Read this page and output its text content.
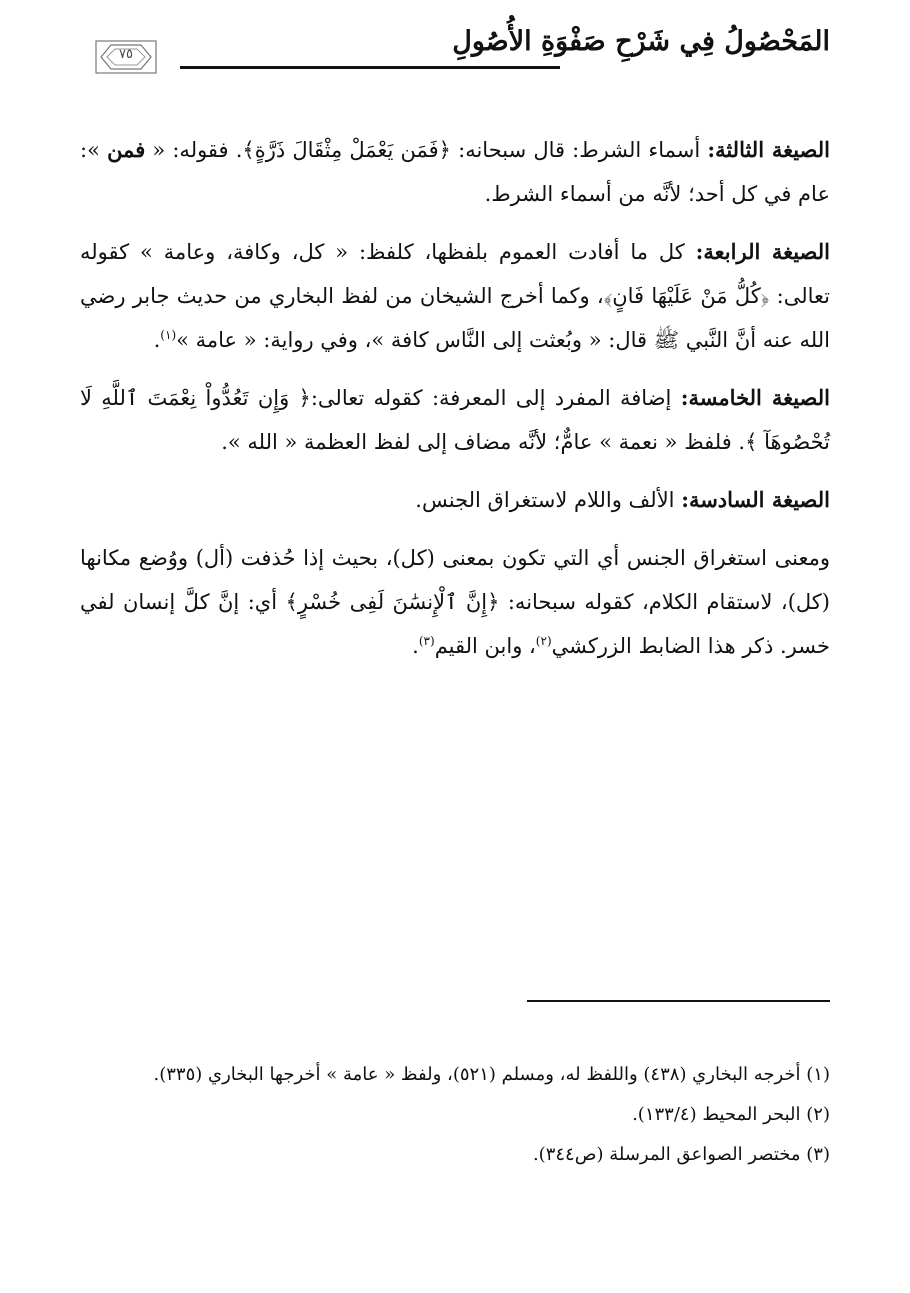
المَحْصُولُ فِي شَرْحِ صَفْوَةِ الأُصُولِ
٧٥

الصيغة الثالثة: أسماء الشرط: قال سبحانه: ﴿فَمَن يَعْمَلْ مِثْقَالَ ذَرَّةٍ﴾. فقوله: « فمن »: عام في كل أحد؛ لأنَّه من أسماء الشرط.

الصيغة الرابعة: كل ما أفادت العموم بلفظها، كلفظ: « كل، وكافة، وعامة » كقوله تعالى: ﴿كُلُّ مَنْ عَلَيْهَا فَانٍ﴾، وكما أخرج الشيخان من لفظ البخاري من حديث جابر رضي الله عنه أنَّ النَّبي ﷺ قال: « وبُعثت إلى النَّاس كافة »، وفي رواية: « عامة »$^{(١)}$.

الصيغة الخامسة: إضافة المفرد إلى المعرفة: كقوله تعالى:﴿ وَإِن تَعُدُّواْ نِعْمَتَ ٱللَّهِ لَا تُحْصُوهَآ ﴾. فلفظ « نعمة » عامٌّ؛ لأنَّه مضاف إلى لفظ العظمة « الله ».

الصيغة السادسة: الألف واللام لاستغراق الجنس.

ومعنى استغراق الجنس أي التي تكون بمعنى (كل)، بحيث إذا حُذفت (أل) ووُضع مكانها (كل)، لاستقام الكلام، كقوله سبحانه: ﴿إِنَّ ٱلْإِنسَٰنَ لَفِى خُسْرٍ﴾ أي: إنَّ كلَّ إنسان لفي خسر. ذكر هذا الضابط الزركشي$^{(٢)}$، وابن القيم$^{(٣)}$.

(١) أخرجه البخاري (٤٣٨) واللفظ له، ومسلم (٥٢١)، ولفظ « عامة » أخرجها البخاري (٣٣٥).

(٢) البحر المحيط (١٣٣/٤).

(٣) مختصر الصواعق المرسلة (ص٣٤٤).
